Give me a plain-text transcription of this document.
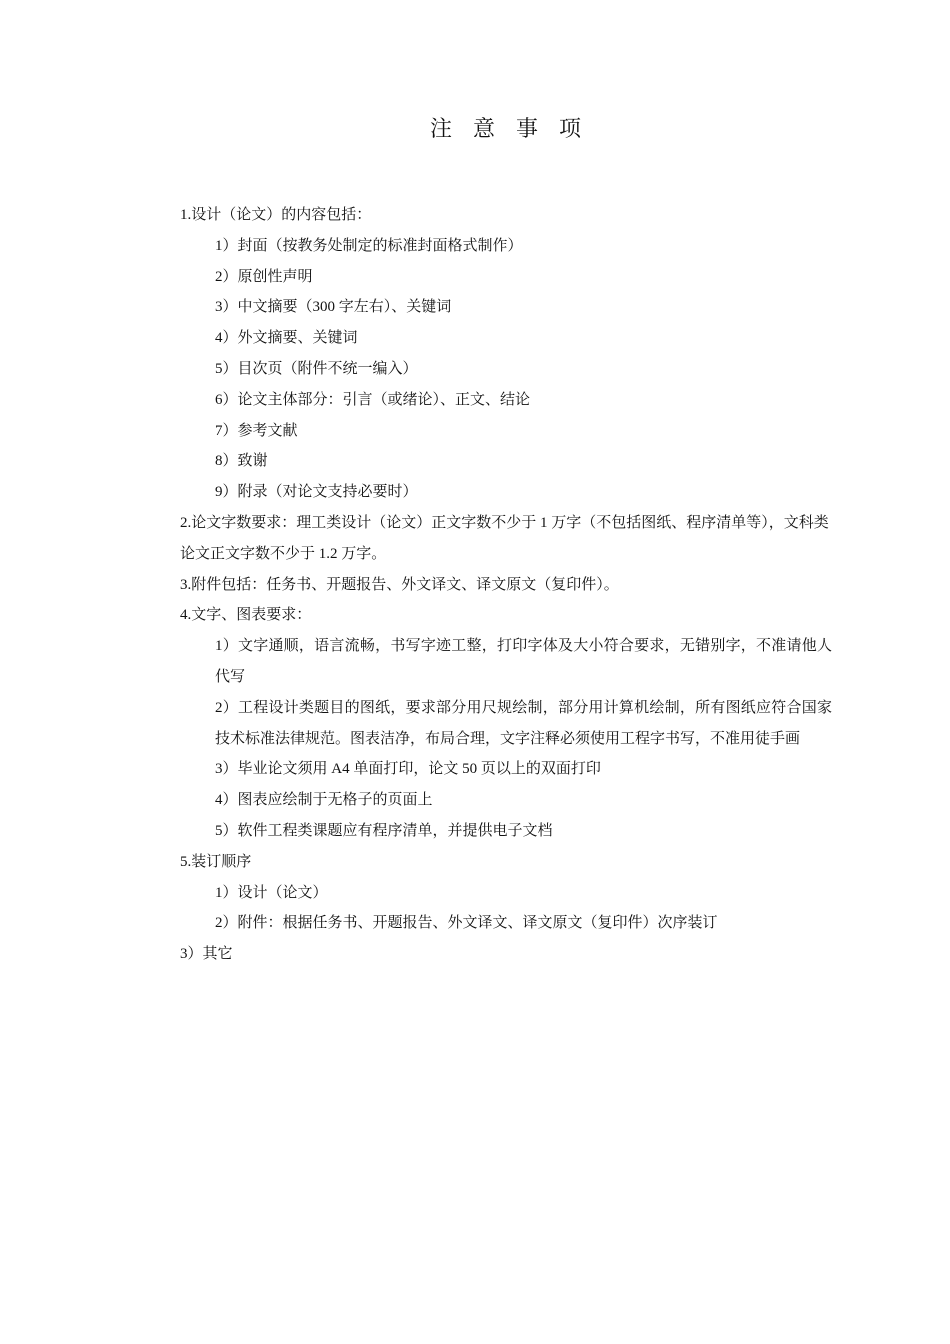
注 意 事 项

1.设计（论文）的内容包括：

1）封面（按教务处制定的标准封面格式制作）

2）原创性声明

3）中文摘要（300 字左右）、关键词

4）外文摘要、关键词

5）目次页（附件不统一编入）

6）论文主体部分：引言（或绪论）、正文、结论

7）参考文献

8）致谢

9）附录（对论文支持必要时）

2.论文字数要求：理工类设计（论文）正文字数不少于 1 万字（不包括图纸、程序清单等），文科类论文正文字数不少于 1.2 万字。

3.附件包括：任务书、开题报告、外文译文、译文原文（复印件）。

4.文字、图表要求：

1）文字通顺，语言流畅，书写字迹工整，打印字体及大小符合要求，无错别字，不准请他人代写

2）工程设计类题目的图纸，要求部分用尺规绘制，部分用计算机绘制，所有图纸应符合国家技术标准法律规范。图表洁净，布局合理，文字注释必须使用工程字书写，不准用徒手画

3）毕业论文须用 A4 单面打印，论文 50 页以上的双面打印

4）图表应绘制于无格子的页面上

5）软件工程类课题应有程序清单，并提供电子文档

5.装订顺序

1）设计（论文）

2）附件：根据任务书、开题报告、外文译文、译文原文（复印件）次序装订

3）其它
